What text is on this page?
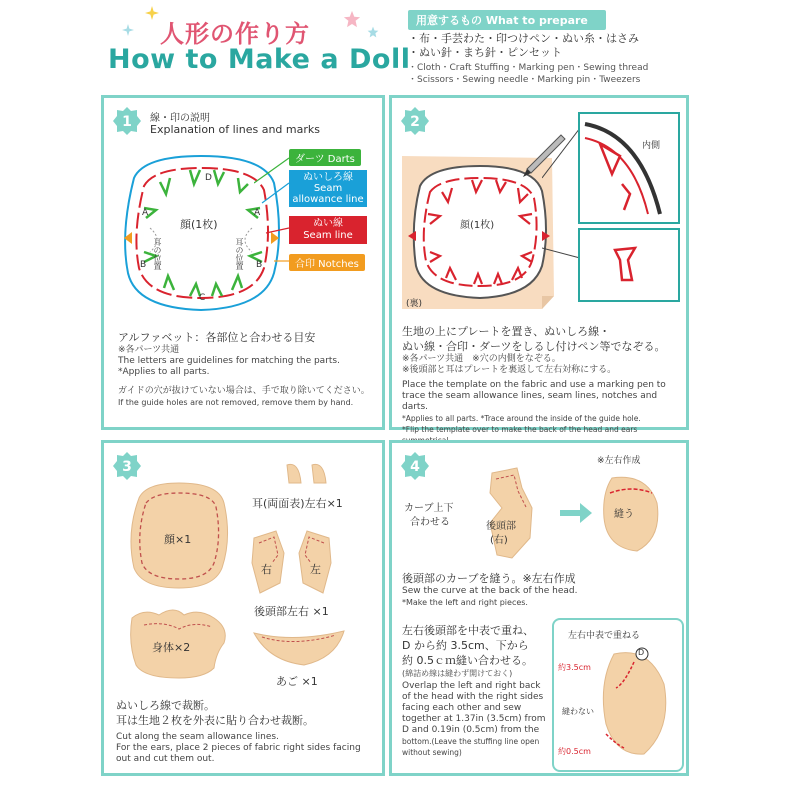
人形の作り方
How to Make a Doll
用意するもの What to prepare
・布・手芸わた・印つけペン・ぬい糸・はさみ
・ぬい針・まち針・ピンセット
・Cloth・Craft Stuffing・Marking pen・Sewing thread
・Scissors・Sewing needle・Marking pin・Tweezers
1 線・印の説明
Explanation of lines and marks
D
A	A
B	B
C
顔(1枚)
耳の位置	耳の位置
ダーツ Darts
ぬいしろ線
Seam
allowance line
ぬい線
Seam line
合印 Notches
アルファベット：各部位と合わせる目安
※各パーツ共通
The letters are guidelines for matching the parts.
*Applies to all parts.
ガイドの穴が抜けていない場合は、手で取り除いてください。
If the guide holes are not removed, remove them by hand.
2
顔(1枚)
(裏)
内側
生地の上にプレートを置き、ぬいしろ線・
ぬい線・合印・ダーツをしるし付けペン等でなぞる。
※各パーツ共通　※穴の内側をなぞる。
※後頭部と耳はプレートを裏返して左右対称にする。
Place the template on the fabric and use a marking pen to
trace the seam allowance lines, seam lines, notches and darts.
*Applies to all parts. *Trace around the inside of the guide hole.
*Flip the template over to make the back of the head and ears
3
顔×1
耳(両面表)左右×1
右	左
後頭部左右 ×1
身体×2
あご ×1
ぬいしろ線で裁断。
耳は生地２枚を外表に貼り合わせ裁断。
Cut along the seam allowance lines.
For the ears, place 2 pieces of fabric right sides facing
out and cut them out.
4	※左右作成
カーブ上下
合わせる	後頭部
(右)
縫う
後頭部のカーブを縫う。※左右作成
Sew the curve at the back of the head.
*Make the left and right pieces.
左右後頭部を中表で重ね、
D から約 3.5cm、下から
約 0.5ｃｍ縫い合わせる。
(綿詰め線は縫わず開けておく)
Overlap the left and right back
of the head with the right sides
facing each other and sew
together at 1.37in (3.5cm) from
D and 0.19in (0.5cm) from the
bottom.(Leave the stuffing line open
without sewing)
左右中表で重ねる
D
約3.5cm
縫わない
約0.5cm
